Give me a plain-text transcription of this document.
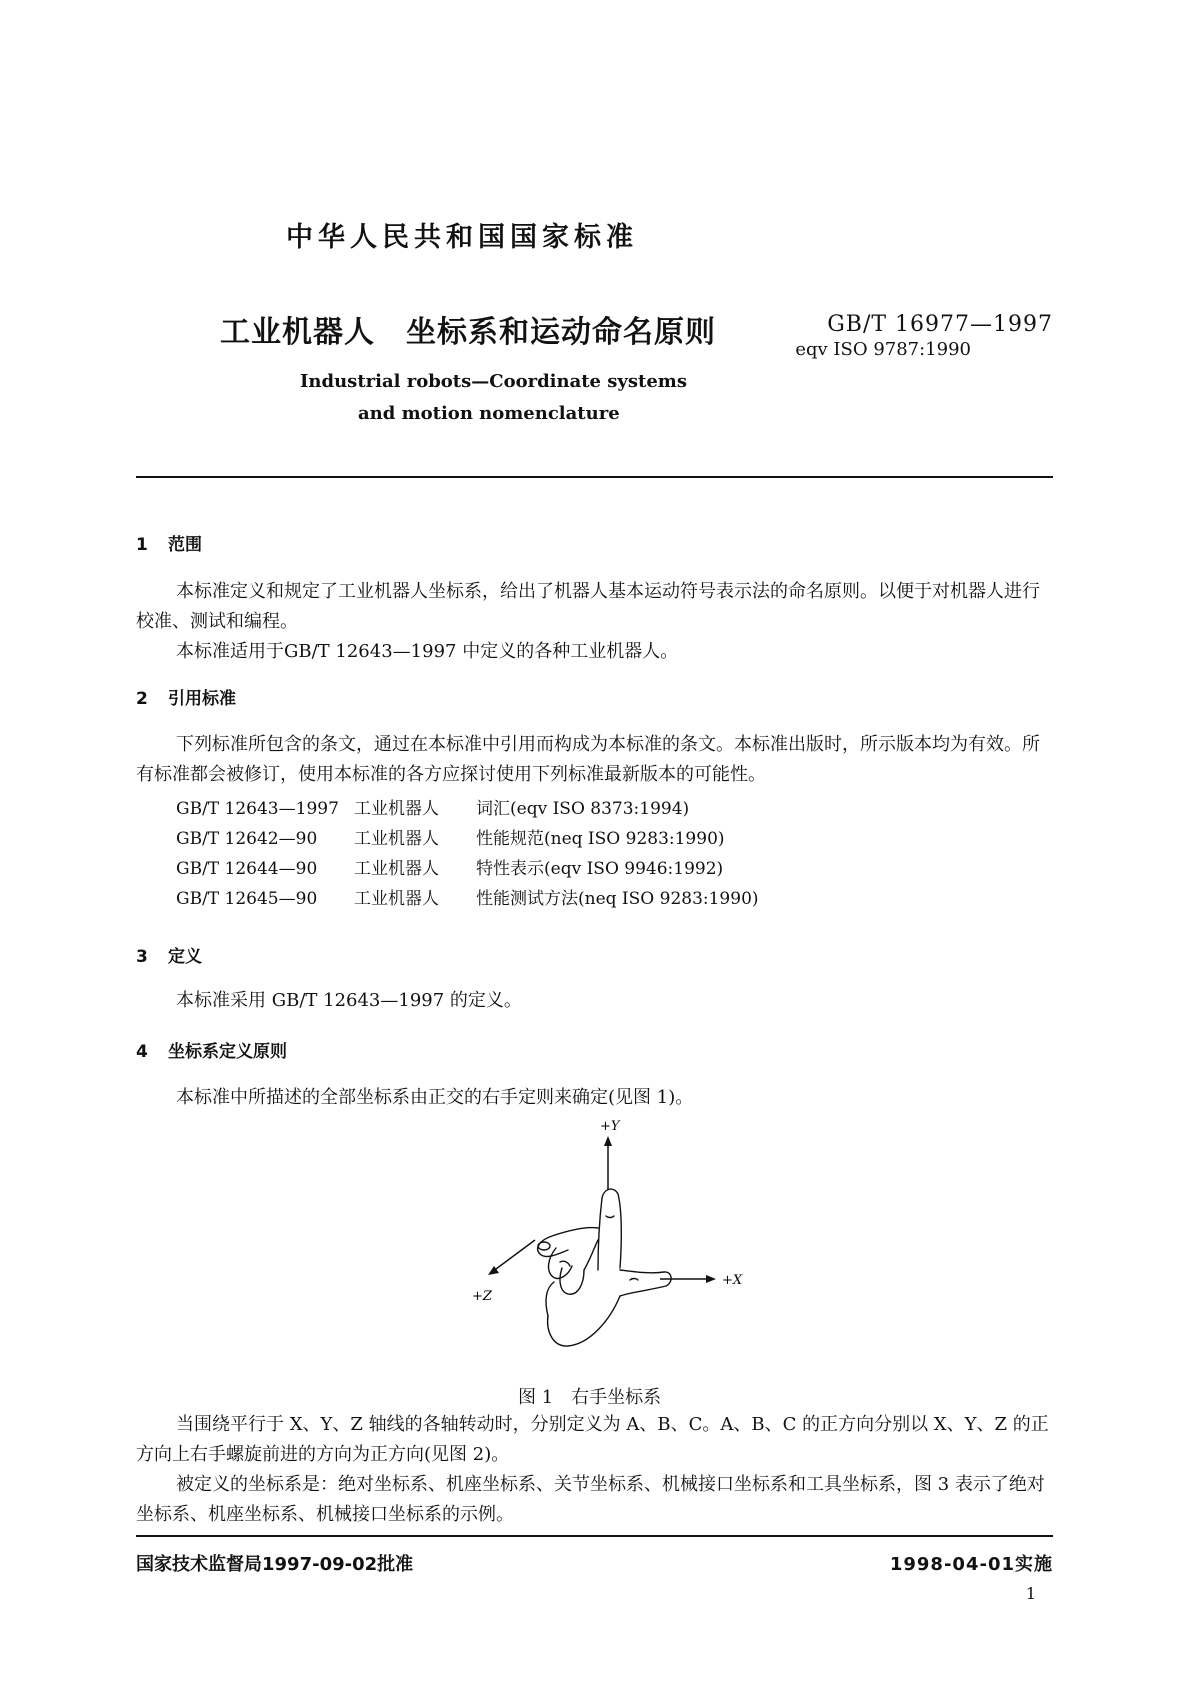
中华人民共和国国家标准
工业机器人　坐标系和运动命名原则	GB/T 16977—1997
eqv ISO 9787:1990
Industrial robots—Coordinate systems
and motion nomenclature
1 范围
本标准定义和规定了工业机器人坐标系，给出了机器人基本运动符号表示法的命名原则。以便于对机器人进行校准、测试和编程。
本标准适用于GB/T 12643—1997 中定义的各种工业机器人。
2 引用标准
下列标准所包含的条文，通过在本标准中引用而构成为本标准的条文。本标准出版时，所示版本均为有效。所有标准都会被修订，使用本标准的各方应探讨使用下列标准最新版本的可能性。
GB/T 12643—1997 工业机器人 词汇(eqv ISO 8373:1994)
GB/T 12642—90 工业机器人 性能规范(neq ISO 9283:1990)
GB/T 12644—90 工业机器人 特性表示(eqv ISO 9946:1992)
GB/T 12645—90 工业机器人 性能测试方法(neq ISO 9283:1990)
3 定义
本标准采用 GB/T 12643—1997 的定义。
4 坐标系定义原则
本标准中所描述的全部坐标系由正交的右手定则来确定(见图 1)。
+Y
+X
+Z
图 1　右手坐标系
当围绕平行于 X、Y、Z 轴线的各轴转动时，分别定义为 A、B、C。A、B、C 的正方向分别以 X、Y、Z 的正方向上右手螺旋前进的方向为正方向(见图 2)。
被定义的坐标系是：绝对坐标系、机座坐标系、关节坐标系、机械接口坐标系和工具坐标系，图 3 表示了绝对坐标系、机座坐标系、机械接口坐标系的示例。
国家技术监督局1997-09-02批准	1998-04-01实施
1
